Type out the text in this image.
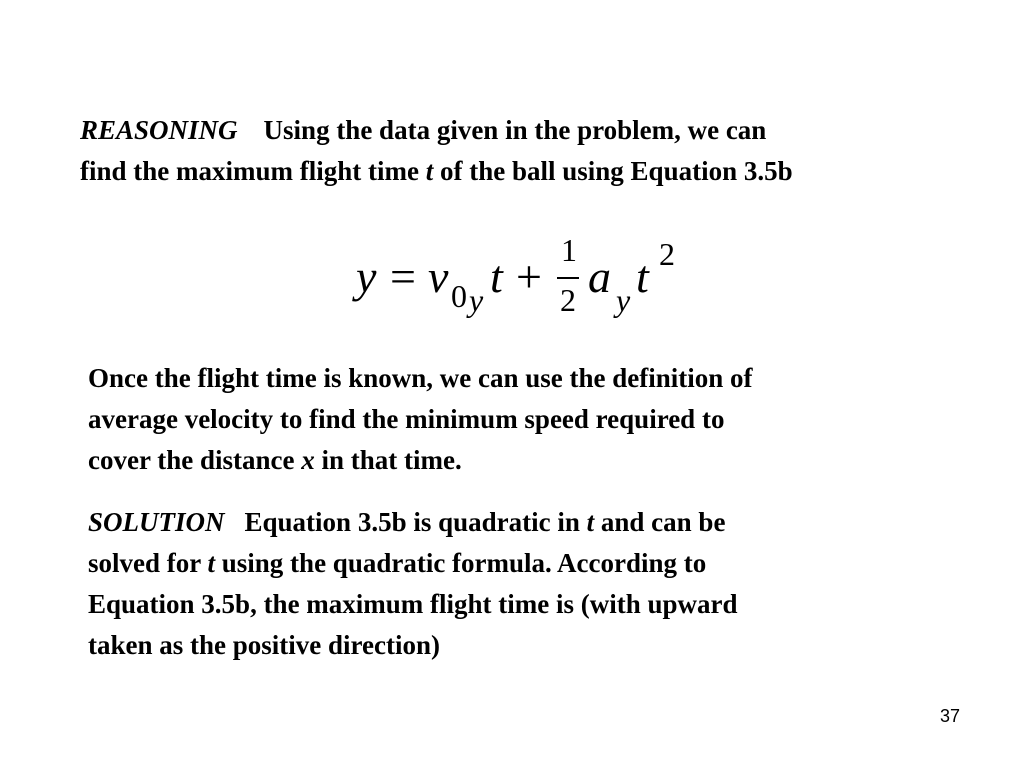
REASONING Using the data given in the problem, we can
find the maximum flight time t of the ball using Equation 3.5b

y = v 0 y t +
1
2 a y t 2

Once the flight time is known, we can use the definition of
average velocity to find the minimum speed required to
cover the distance x in that time.

SOLUTION Equation 3.5b is quadratic in t and can be
solved for t using the quadratic formula. According to
Equation 3.5b, the maximum flight time is (with upward
taken as the positive direction)

37
